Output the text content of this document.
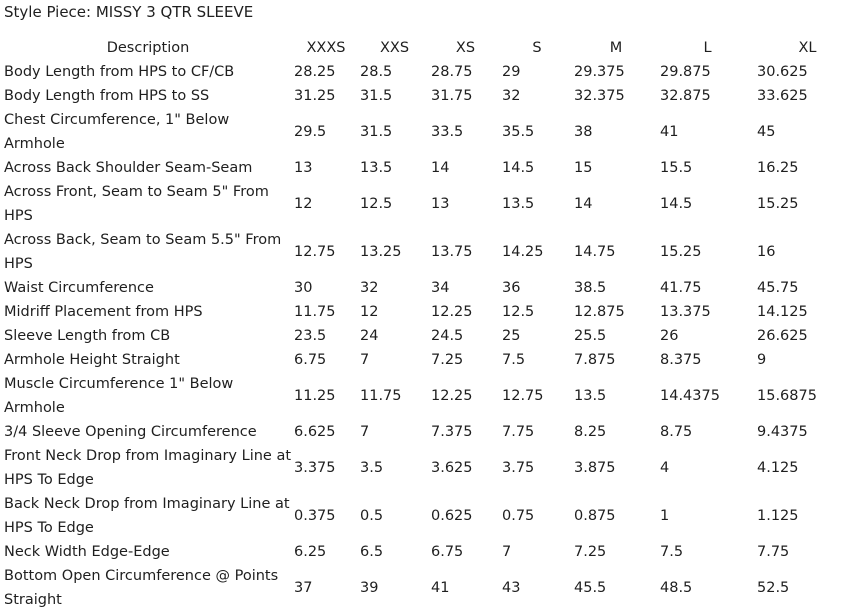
Style Piece: MISSY 3 QTR SLEEVE
Description	XXXS	XXS	XS	S	M	L	XL
Body Length from HPS to CF/CB	28.25	28.5	28.75	29	29.375	29.875	30.625
Body Length from HPS to SS	31.25	31.5	31.75	32	32.375	32.875	33.625
Chest Circumference, 1" Below Armhole	29.5	31.5	33.5	35.5	38	41	45
Across Back Shoulder Seam-Seam	13	13.5	14	14.5	15	15.5	16.25
Across Front, Seam to Seam 5" From HPS	12	12.5	13	13.5	14	14.5	15.25
Across Back, Seam to Seam 5.5" From HPS	12.75	13.25	13.75	14.25	14.75	15.25	16
Waist Circumference	30	32	34	36	38.5	41.75	45.75
Midriff Placement from HPS	11.75	12	12.25	12.5	12.875	13.375	14.125
Sleeve Length from CB	23.5	24	24.5	25	25.5	26	26.625
Armhole Height Straight	6.75	7	7.25	7.5	7.875	8.375	9
Muscle Circumference 1" Below Armhole	11.25	11.75	12.25	12.75	13.5	14.4375	15.6875
3/4 Sleeve Opening Circumference	6.625	7	7.375	7.75	8.25	8.75	9.4375
Front Neck Drop from Imaginary Line at HPS To Edge	3.375	3.5	3.625	3.75	3.875	4	4.125
Back Neck Drop from Imaginary Line at HPS To Edge	0.375	0.5	0.625	0.75	0.875	1	1.125
Neck Width Edge-Edge	6.25	6.5	6.75	7	7.25	7.5	7.75
Bottom Open Circumference @ Points Straight	37	39	41	43	45.5	48.5	52.5
